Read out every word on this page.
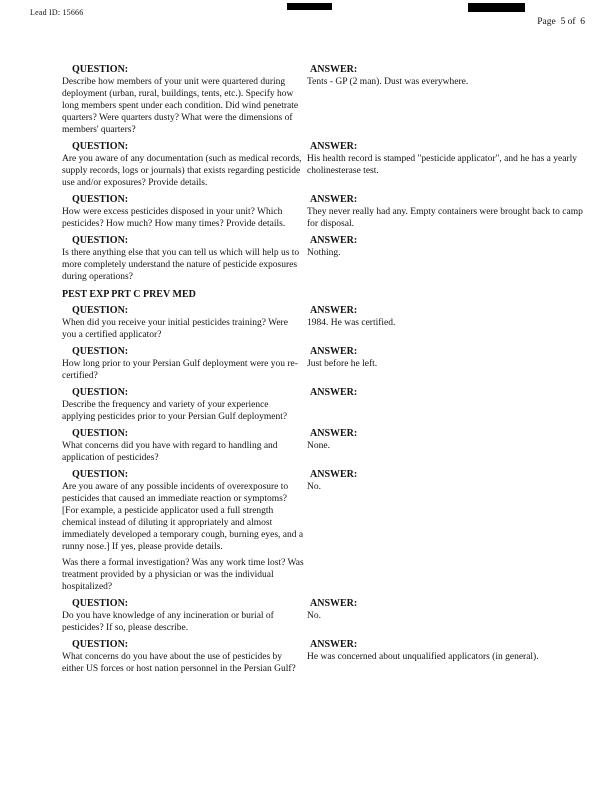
Lead ID: 15666
Page  5 of  6
QUESTION:
Describe how members of your unit were quartered during deployment (urban, rural, buildings, tents, etc.). Specify how long members spent under each condition. Did wind penetrate quarters? Were quarters dusty? What were the dimensions of members' quarters?
ANSWER:
Tents - GP (2 man). Dust was everywhere.
QUESTION:
Are you aware of any documentation (such as medical records, supply records, logs or journals) that exists regarding pesticide use and/or exposures? Provide details.
ANSWER:
His health record is stamped "pesticide applicator", and he has a yearly cholinesterase test.
QUESTION:
How were excess pesticides disposed in your unit? Which pesticides? How much? How many times? Provide details.
ANSWER:
They never really had any. Empty containers were brought back to camp for disposal.
QUESTION:
Is there anything else that you can tell us which will help us to more completely understand the nature of pesticide exposures during operations?
ANSWER:
Nothing.
PEST EXP PRT C PREV MED
QUESTION:
When did you receive your initial pesticides training? Were you a certified applicator?
ANSWER:
1984. He was certified.
QUESTION:
How long prior to your Persian Gulf deployment were you re-certified?
ANSWER:
Just before he left.
QUESTION:
Describe the frequency and variety of your experience applying pesticides prior to your Persian Gulf deployment?
ANSWER:
QUESTION:
What concerns did you have with regard to handling and application of pesticides?
ANSWER:
None.
QUESTION:
Are you aware of any possible incidents of overexposure to pesticides that caused an immediate reaction or symptoms? [For example, a pesticide applicator used a full strength chemical instead of diluting it appropriately and almost immediately developed a temporary cough, burning eyes, and a runny nose.] If yes, please provide details.
Was there a formal investigation? Was any work time lost? Was treatment provided by a physician or was the individual hospitalized?
ANSWER:
No.
QUESTION:
Do you have knowledge of any incineration or burial of pesticides? If so, please describe.
ANSWER:
No.
QUESTION:
What concerns do you have about the use of pesticides by either US forces or host nation personnel in the Persian Gulf?
ANSWER:
He was concerned about unqualified applicators (in general).
